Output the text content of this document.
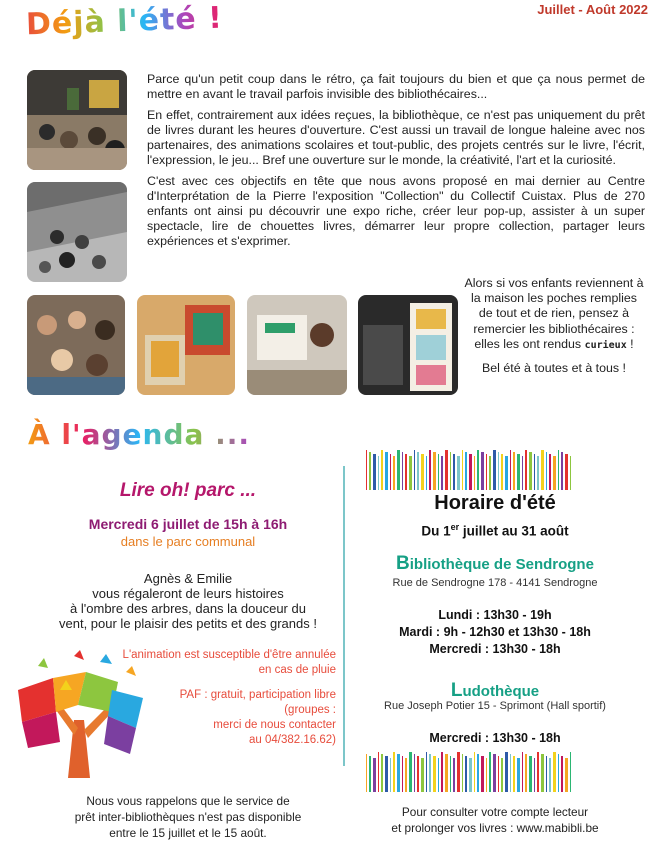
Déjà l'été !	Juillet - Août 2022

Parce qu'un petit coup dans le rétro, ça fait toujours du bien et que ça nous permet de mettre en avant le travail parfois invisible des bibliothécaires...

En effet, contrairement aux idées reçues, la bibliothèque, ce n'est pas uniquement du prêt de livres durant les heures d'ouverture. C'est aussi un travail de longue haleine avec nos partenaires, des animations scolaires et tout-public, des projets centrés sur le livre, l'écrit, l'expression, le jeu... Bref une ouverture sur le monde, la créativité, l'art et la curiosité.

C'est avec ces objectifs en tête que nous avons proposé en mai dernier au Centre d'Interprétation de la Pierre l'exposition "Collection" du Collectif Cuistax. Plus de 270 enfants ont ainsi pu découvrir une expo riche, créer leur pop-up, assister à un super spectacle, lire de chouettes livres, démarrer leur propre collection, partager leurs expériences et s'exprimer.

Alors si vos enfants reviennent à la maison les poches remplies de tout et de rien, pensez à remercier les bibliothécaires : elles les ont rendus curieux !
Bel été à toutes et à tous !
À l'agenda ...
Lire oh! parc ...
Mercredi 6 juillet de 15h à 16h
dans le parc communal
Agnès & Emilie
vous régaleront de leurs histoires
à l'ombre des arbres, dans la douceur du
vent, pour le plaisir des petits et des grands !
L'animation est susceptible d'être annulée
en cas de pluie
PAF : gratuit, participation libre
(groupes :
merci de nous contacter
au 04/382.16.62)
Nous vous rappelons que le service de
prêt inter-bibliothèques n'est pas disponible
entre le 15 juillet et le 15 août.
Horaire d'été
Du 1er juillet au 31 août
Bibliothèque de Sendrogne
Rue de Sendrogne 178 - 4141 Sendrogne
Lundi : 13h30 - 19h
Mardi : 9h - 12h30 et 13h30 - 18h
Mercredi : 13h30 - 18h
Ludothèque
Rue Joseph Potier 15 - Sprimont (Hall sportif)
Mercredi : 13h30 - 18h
Pour consulter votre compte lecteur
et prolonger vos livres : www.mabibli.be
